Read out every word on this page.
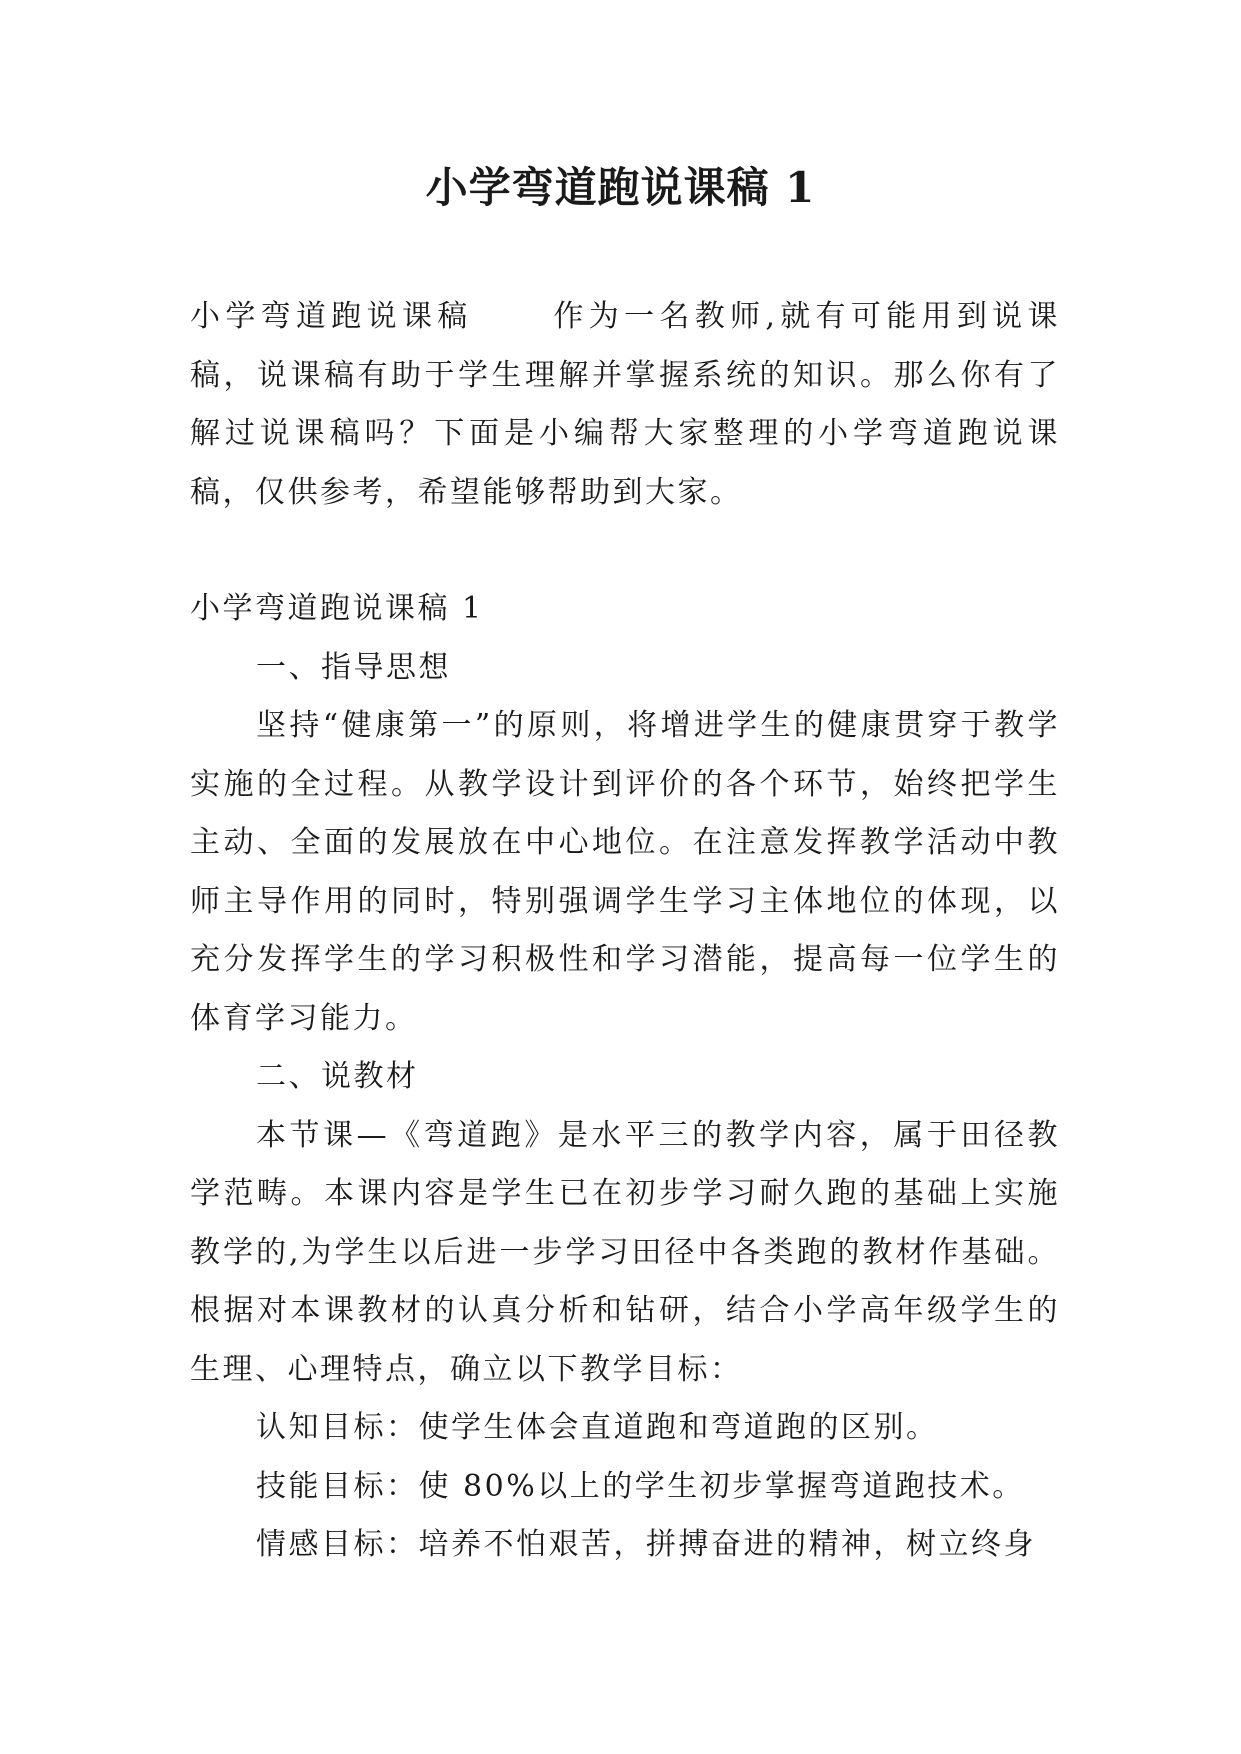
小学弯道跑说课稿 1

小学弯道跑说课稿	作为一名教师,就有可能用到说课稿，说课稿有助于学生理解并掌握系统的知识。那么你有了解过说课稿吗？下面是小编帮大家整理的小学弯道跑说课稿，仅供参考，希望能够帮助到大家。

小学弯道跑说课稿 1

一、指导思想

坚持“健康第一”的原则，将增进学生的健康贯穿于教学实施的全过程。从教学设计到评价的各个环节，始终把学生主动、全面的发展放在中心地位。在注意发挥教学活动中教师主导作用的同时，特别强调学生学习主体地位的体现，以充分发挥学生的学习积极性和学习潜能，提高每一位学生的体育学习能力。

二、说教材

本节课—《弯道跑》是水平三的教学内容，属于田径教学范畴。本课内容是学生已在初步学习耐久跑的基础上实施教学的,为学生以后进一步学习田径中各类跑的教材作基础。根据对本课教材的认真分析和钻研，结合小学高年级学生的生理、心理特点，确立以下教学目标：

认知目标：使学生体会直道跑和弯道跑的区别。

技能目标：使 80%以上的学生初步掌握弯道跑技术。

情感目标：培养不怕艰苦，拼搏奋进的精神，树立终身
